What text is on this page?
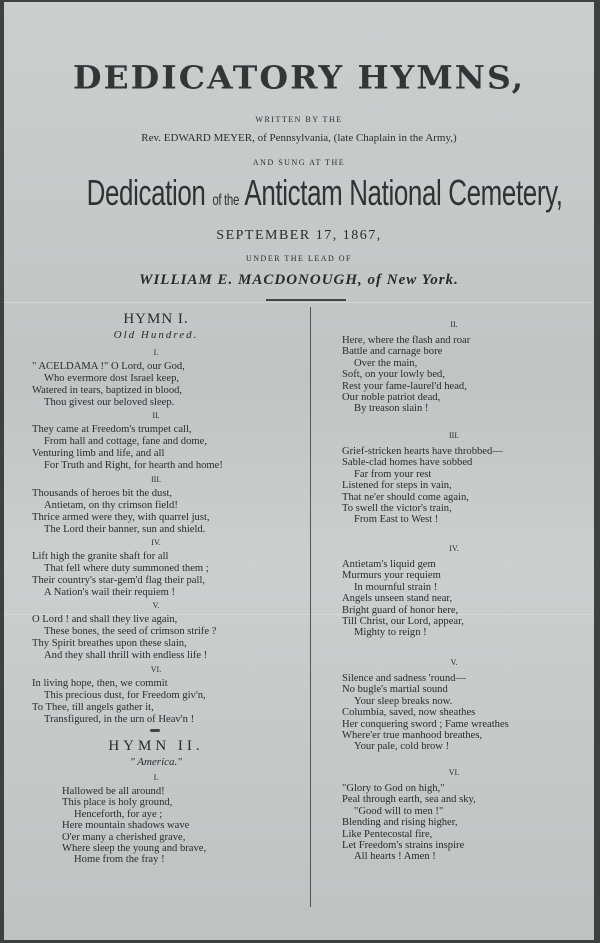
DEDICATORY HYMNS,
WRITTEN BY THE
Rev. EDWARD MEYER, of Pennsylvania, (late Chaplain in the Army,)
AND SUNG AT THE
Dedication of the Antictam National Cemetery,
SEPTEMBER 17, 1867,
UNDER THE LEAD OF
WILLIAM E. MACDONOUGH, of New York.
HYMN I.
Old Hundred.
HYMN II.
" America."
I.
" ACELDAMA !" O Lord, our God,
Who evermore dost Israel keep,
Watered in tears, baptized in blood,
Thou givest our beloved sleep.
II.
They came at Freedom's trumpet call,
From hall and cottage, fane and dome,
Venturing limb and life, and all
For Truth and Right, for hearth and home!
III.
Thousands of heroes bit the dust,
Antietam, on thy crimson field!
Thrice armed were they, with quarrel just,
The Lord their banner, sun and shield.
IV.
Lift high the granite shaft for all
That fell where duty summoned them ;
Their country's star-gem'd flag their pall,
A Nation's wail their requiem !
V.
O Lord ! and shall they live again,
These bones, the seed of crimson strife ?
Thy Spirit breathes upon these slain,
And they shall thrill with endless life !
VI.
In living hope, then, we commit
This precious dust, for Freedom giv'n,
To Thee, till angels gather it,
Transfigured, in the urn of Heav'n !
I.
Hallowed be all around!
This place is holy ground,
Henceforth, for aye ;
Here mountain shadows wave
O'er many a cherished grave,
Where sleep the young and brave,
Home from the fray !
II.
Here, where the flash and roar
Battle and carnage bore
Over the main,
Soft, on your lowly bed,
Rest your fame-laurel'd head,
Our noble patriot dead,
By treason slain !
III.
Grief-stricken hearts have throbbed—
Sable-clad homes have sobbed
Far from your rest
Listened for steps in vain,
That ne'er should come again,
To swell the victor's train,
From East to West !
IV.
Antietam's liquid gem
Murmurs your requiem
In mournful strain !
Angels unseen stand near,
Bright guard of honor here,
Till Christ, our Lord, appear,
Mighty to reign !
V.
Silence and sadness 'round—
No bugle's martial sound
Your sleep breaks now.
Columbia, saved, now sheathes
Her conquering sword ; Fame wreathes
Where'er true manhood breathes,
Your pale, cold brow !
VI.
"Glory to God on high,"
Peal through earth, sea and sky,
"Good will to men !"
Blending and rising higher,
Like Pentecostal fire,
Let Freedom's strains inspire
All hearts ! Amen !
